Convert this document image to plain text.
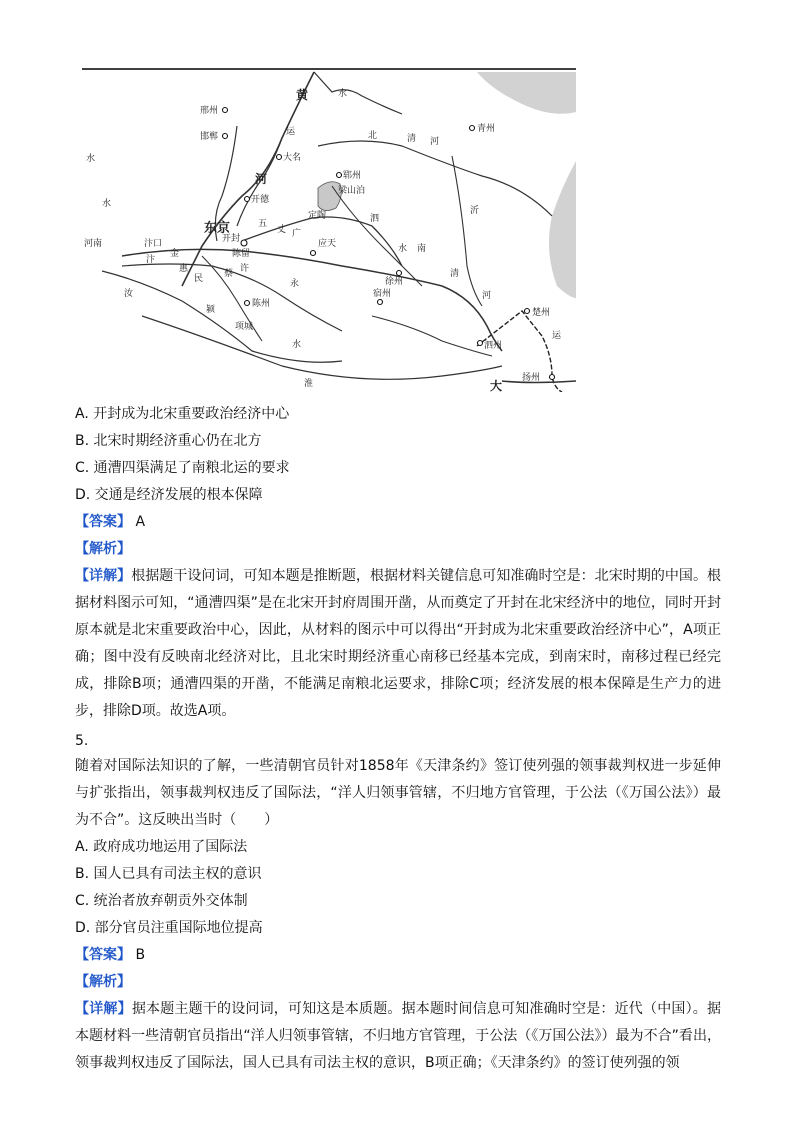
邢州
邯郸
大名
开德
青州
郓州
梁山泊
东京
开封
河南	汴口	应天
徐州
宿州
陈留
陈州
项城
泗州
楚州
扬州
黄
河
水
运	北	清 河
水
水
泗
沂
丈
五
广
定 陶
水 南
清
河
金
汴
惠
民 蔡 许
永
颍
汝
水
运
淮	大
A. 开封成为北宋重要政治经济中心
B. 北宋时期经济重心仍在北方
C. 通漕四渠满足了南粮北运的要求
D. 交通是经济发展的根本保障
【答案】 A
【解析】
【详解】根据题干设问词，可知本题是推断题，根据材料关键信息可知准确时空是：北宋时期的中国。根据材料图示可知，“通漕四渠”是在北宋开封府周围开凿，从而奠定了开封在北宋经济中的地位，同时开封原本就是北宋重要政治中心，因此，从材料的图示中可以得出“开封成为北宋重要政治经济中心”，A项正确；图中没有反映南北经济对比，且北宋时期经济重心南移已经基本完成，到南宋时，南移过程已经完成，排除B项；通漕四渠的开凿，不能满足南粮北运要求，排除C项；经济发展的根本保障是生产力的进步，排除D项。故选A项。
5.
随着对国际法知识的了解，一些清朝官员针对1858年《天津条约》签订使列强的领事裁判权进一步延伸与扩张指出，领事裁判权违反了国际法，“洋人归领事管辖，不归地方官管理，于公法（《万国公法》）最为不合”。这反映出当时（　　）
A. 政府成功地运用了国际法
B. 国人已具有司法主权的意识
C. 统治者放弃朝贡外交体制
D. 部分官员注重国际地位提高
【答案】 B
【解析】
【详解】据本题主题干的设问词，可知这是本质题。据本题时间信息可知准确时空是：近代（中国）。据本题材料一些清朝官员指出“洋人归领事管辖，不归地方官管理，于公法（《万国公法》）最为不合”看出，领事裁判权违反了国际法，国人已具有司法主权的意识，B项正确；《天津条约》的签订使列强的领
